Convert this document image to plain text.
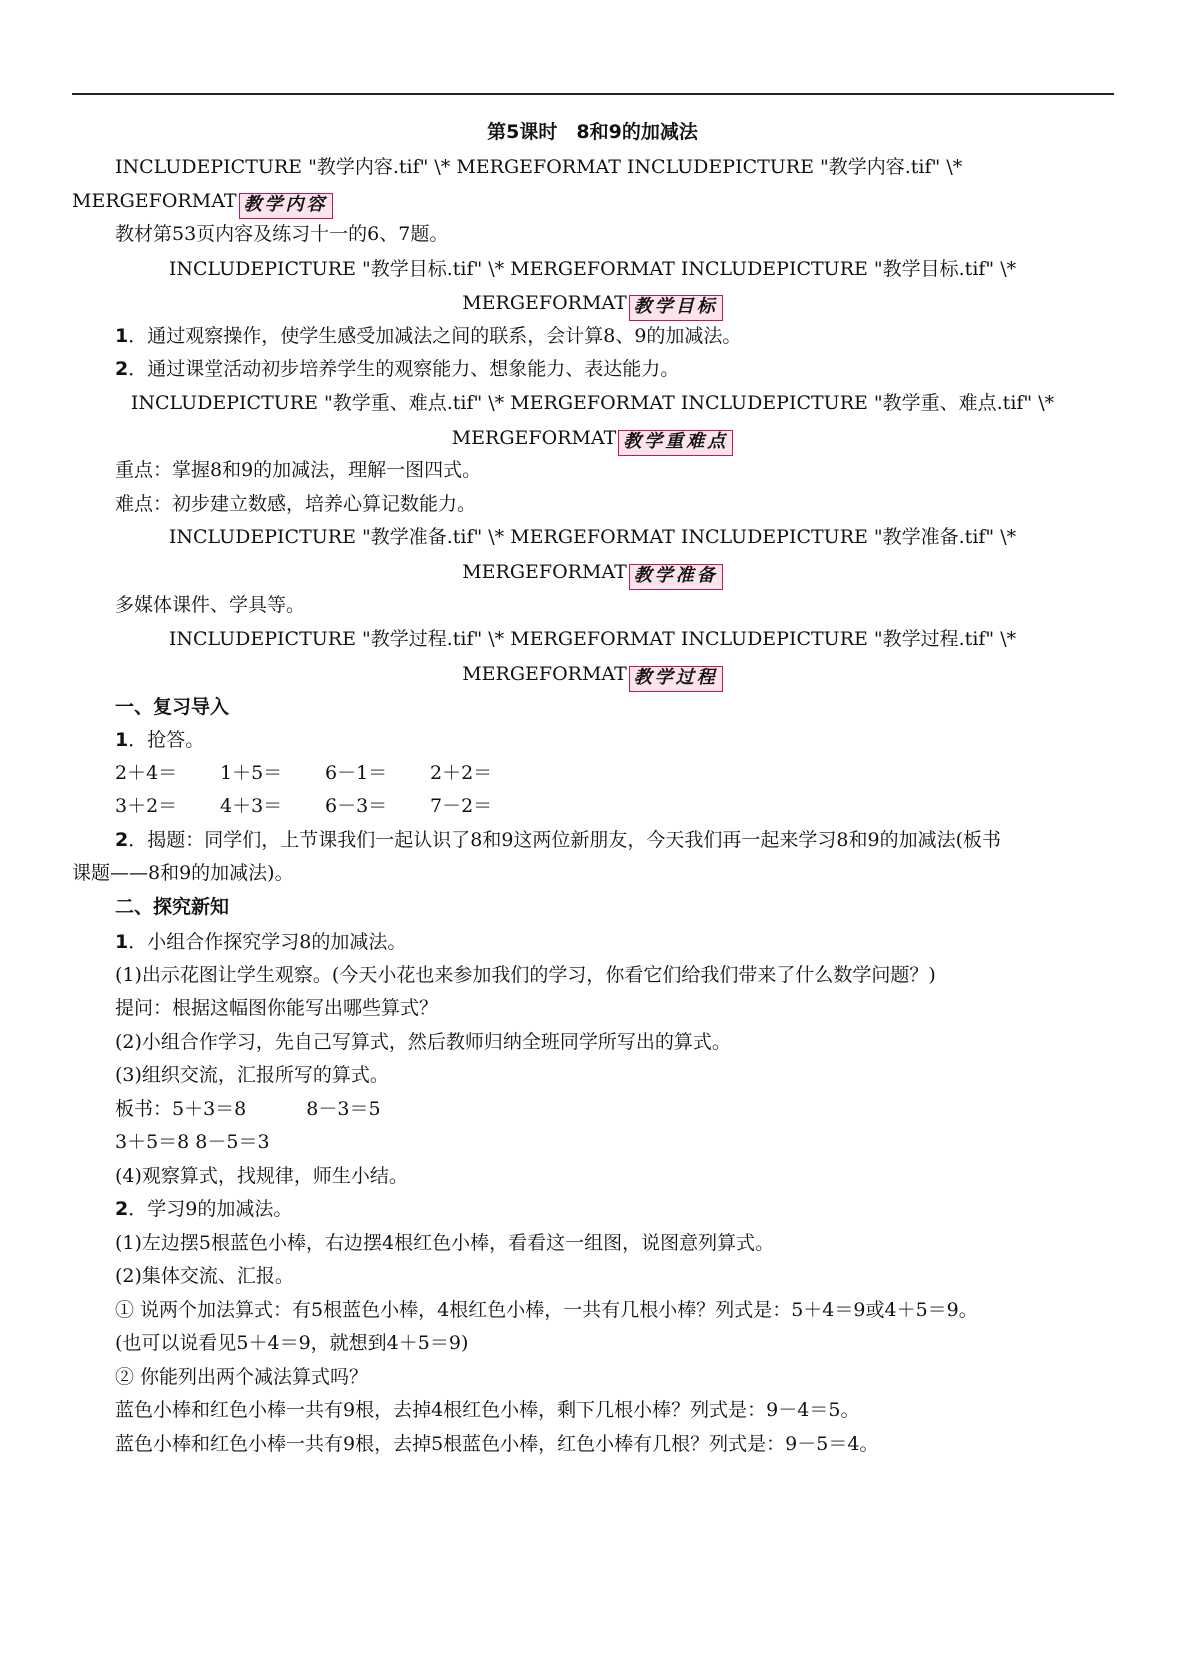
第5课时　8和9的加减法
INCLUDEPICTURE "教学内容.tif" \* MERGEFORMAT INCLUDEPICTURE "教学内容.tif" \*
MERGEFORMAT 教学内容
教材第53页内容及练习十一的6、7题。
INCLUDEPICTURE "教学目标.tif" \* MERGEFORMAT INCLUDEPICTURE "教学目标.tif" \*
MERGEFORMAT 教学目标
1．通过观察操作，使学生感受加减法之间的联系，会计算8、9的加减法。
2．通过课堂活动初步培养学生的观察能力、想象能力、表达能力。
INCLUDEPICTURE "教学重、难点.tif" \* MERGEFORMAT INCLUDEPICTURE "教学重、难点.tif" \*
MERGEFORMAT 教学重难点
重点：掌握8和9的加减法，理解一图四式。
难点：初步建立数感，培养心算记数能力。
INCLUDEPICTURE "教学准备.tif" \* MERGEFORMAT INCLUDEPICTURE "教学准备.tif" \*
MERGEFORMAT 教学准备
多媒体课件、学具等。
INCLUDEPICTURE "教学过程.tif" \* MERGEFORMAT INCLUDEPICTURE "教学过程.tif" \*
MERGEFORMAT 教学过程
一、复习导入
1．抢答。
2＋4＝ 1＋5＝ 6－1＝ 2＋2＝
3＋2＝ 4＋3＝ 6－3＝ 7－2＝
2．揭题：同学们，上节课我们一起认识了8和9这两位新朋友，今天我们再一起来学习8和9的加减法(板书
课题——8和9的加减法)。
二、探究新知
1．小组合作探究学习8的加减法。
(1)出示花图让学生观察。(今天小花也来参加我们的学习，你看它们给我们带来了什么数学问题？)
提问：根据这幅图你能写出哪些算式？
(2)小组合作学习，先自己写算式，然后教师归纳全班同学所写出的算式。
(3)组织交流，汇报所写的算式。
板书：5＋3＝8	8－3＝5
3＋5＝8 8－5＝3
(4)观察算式，找规律，师生小结。
2．学习9的加减法。
(1)左边摆5根蓝色小棒，右边摆4根红色小棒，看看这一组图，说图意列算式。
(2)集体交流、汇报。
① 说两个加法算式：有5根蓝色小棒，4根红色小棒，一共有几根小棒？列式是：5＋4＝9或4＋5＝9。
(也可以说看见5＋4＝9，就想到4＋5＝9)
② 你能列出两个减法算式吗？
蓝色小棒和红色小棒一共有9根，去掉4根红色小棒，剩下几根小棒？列式是：9－4＝5。
蓝色小棒和红色小棒一共有9根，去掉5根蓝色小棒，红色小棒有几根？列式是：9－5＝4。
